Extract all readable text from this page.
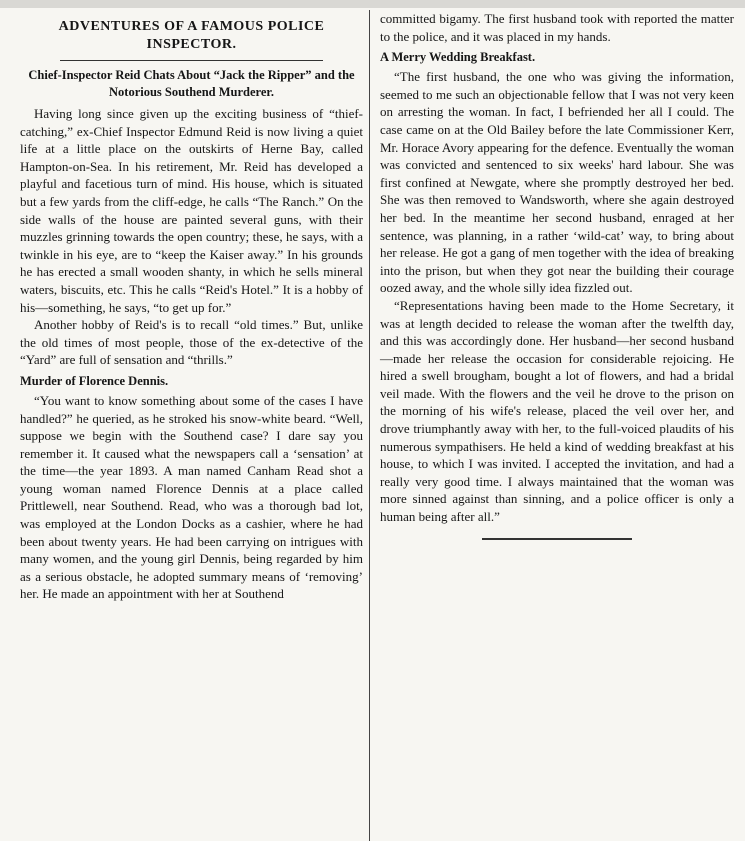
ADVENTURES OF A FAMOUS POLICE INSPECTOR.
Chief-Inspector Reid Chats About “Jack the Ripper” and the Notorious Southend Murderer.

Having long since given up the exciting business of “thief-catching,” ex-Chief Inspector Edmund Reid is now living a quiet life at a little place on the outskirts of Herne Bay, called Hampton-on-Sea. In his retirement, Mr. Reid has developed a playful and facetious turn of mind. His house, which is situated but a few yards from the cliff-edge, he calls “The Ranch.” On the side walls of the house are painted several guns, with their muzzles grinning towards the open country; these, he says, with a twinkle in his eye, are to “keep the Kaiser away.” In his grounds he has erected a small wooden shanty, in which he sells mineral waters, biscuits, etc. This he calls “Reid's Hotel.” It is a hobby of his—something, he says, “to get up for.”

Another hobby of Reid's is to recall “old times.” But, unlike the old times of most people, those of the ex-detective of the “Yard” are full of sensation and “thrills.”

Murder of Florence Dennis.

“You want to know something about some of the cases I have handled?” he queried, as he stroked his snow-white beard. “Well, suppose we begin with the Southend case? I dare say you remember it. It caused what the newspapers call a ‘sensation’ at the time—the year 1893. A man named Canham Read shot a young woman named Florence Dennis at a place called Prittlewell, near Southend. Read, who was a thorough bad lot, was employed at the London Docks as a cashier, where he had been about twenty years. He had been carrying on intrigues with many women, and the young girl Dennis, being regarded by him as a serious obstacle, he adopted summary means of ‘removing’ her. He made an appointment with her at Southend

committed bigamy. The first husband took with reported the matter to the police, and it was placed in my hands.

A Merry Wedding Breakfast.

“The first husband, the one who was giving the information, seemed to me such an objectionable fellow that I was not very keen on arresting the woman. In fact, I befriended her all I could. The case came on at the Old Bailey before the late Commissioner Kerr, Mr. Horace Avory appearing for the defence. Eventually the woman was convicted and sentenced to six weeks' hard labour. She was first confined at Newgate, where she promptly destroyed her bed. She was then removed to Wandsworth, where she again destroyed her bed. In the meantime her second husband, enraged at her sentence, was planning, in a rather ‘wild-cat’ way, to bring about her release. He got a gang of men together with the idea of breaking into the prison, but when they got near the building their courage oozed away, and the whole silly idea fizzled out.

“Representations having been made to the Home Secretary, it was at length decided to release the woman after the twelfth day, and this was accordingly done. Her husband—her second husband—made her release the occasion for considerable rejoicing. He hired a swell brougham, bought a lot of flowers, and had a bridal veil made. With the flowers and the veil he drove to the prison on the morning of his wife's release, placed the veil over her, and drove triumphantly away with her, to the full-voiced plaudits of his numerous sympathisers. He held a kind of wedding breakfast at his house, to which I was invited. I accepted the invitation, and had a really very good time. I always maintained that the woman was more sinned against than sinning, and a police officer is only a human being after all.”
